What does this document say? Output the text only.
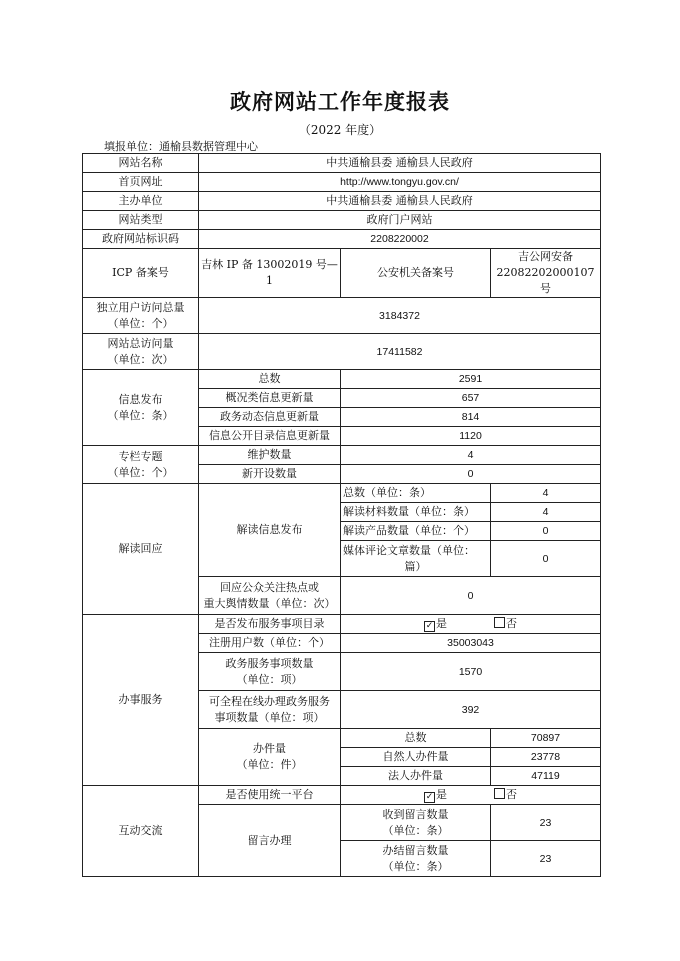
政府网站工作年度报表
（2022 年度）
填报单位：通榆县数据管理中心
网站名称	中共通榆县委 通榆县人民政府		
首页网址	http://www.tongyu.gov.cn/		
主办单位	中共通榆县委 通榆县人民政府		
网站类型	政府门户网站		
政府网站标识码	2208220002		
ICP 备案号	吉林 IP 备 13002019 号—1	公安机关备案号	吉公网安备
22082202000107 号

独立用户访问总量
（单位：个）	3184372		

网站总访问量
（单位：次）	17411582		

信息发布
（单位：条）	总数	2591	
	概况类信息更新量	657	
	政务动态信息更新量	814	
	信息公开目录信息更新量	1120	

专栏专题
（单位：个）	维护数量	4	
	新开设数量	0	
解读回应	解读信息发布	总数（单位：条）	4
		解读材料数量（单位：条）	4
		解读产品数量（单位：个）	0

		媒体评论文章数量（单位：
篇）	0

	回应公众关注热点或
重大舆情数量（单位：次）	0	
办事服务	是否发布服务事项目录	✓ 是 否	
	注册用户数（单位：个）	35003043	

	政务服务事项数量
（单位：项）	1570	

	可全程在线办理政务服务
事项数量（单位：项）	392	

	办件量
（单位：件）	总数	70897
		自然人办件量	23778
		法人办件量	47119
互动交流	是否使用统一平台	✓ 是 否	
	留言办理	收到留言数量
（单位：条）	23

		办结留言数量
（单位：条）	23
